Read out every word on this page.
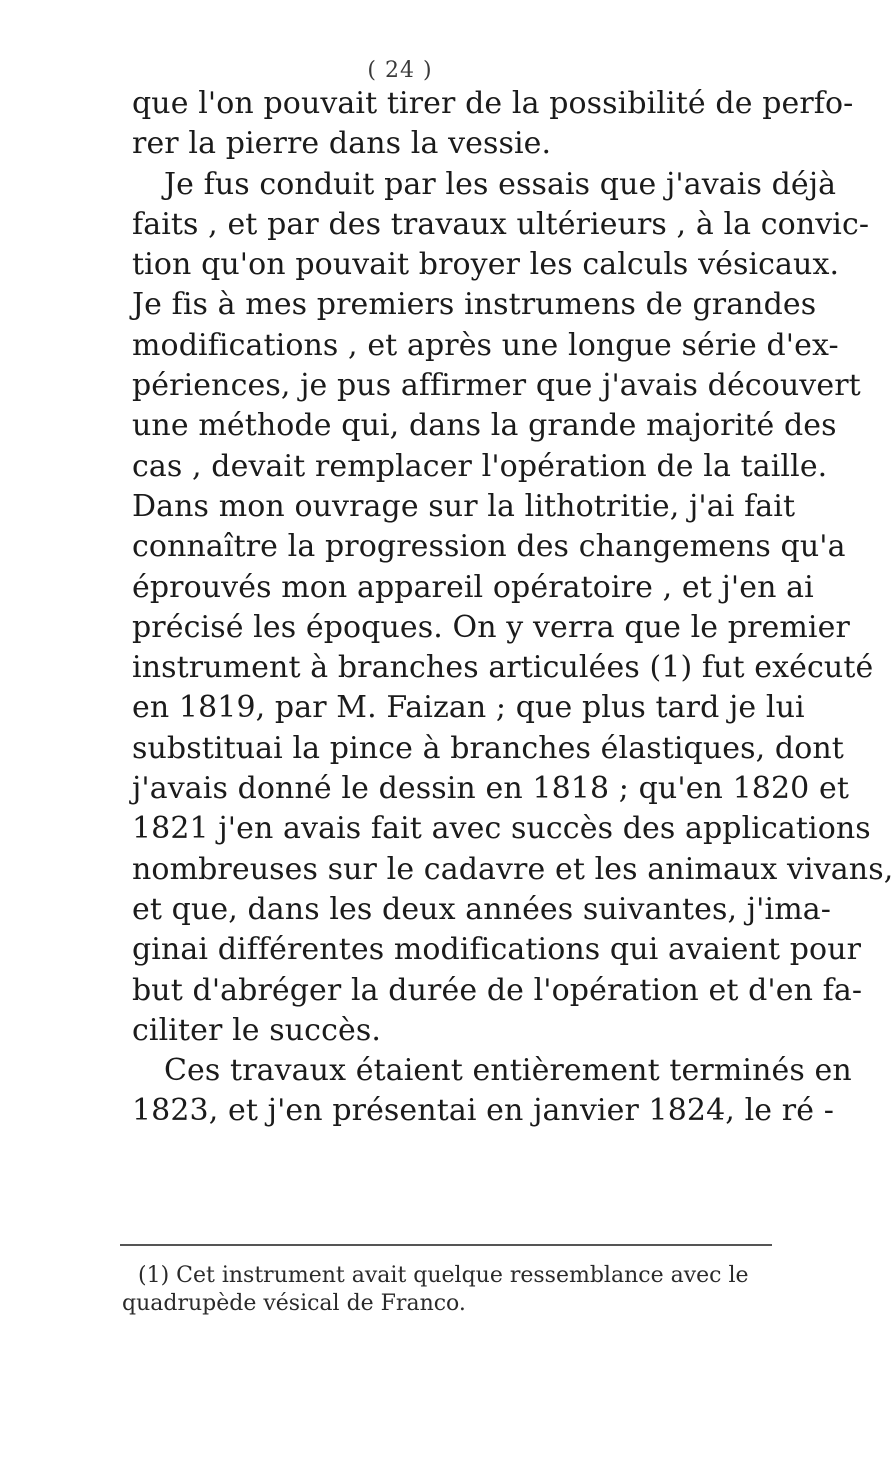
( 24 )
que l'on pouvait tirer de la possibilité de perfo-
rer la pierre dans la vessie.
Je fus conduit par les essais que j'avais déjà
faits , et par des travaux ultérieurs , à la convic-
tion qu'on pouvait broyer les calculs vésicaux.
Je fis à mes premiers instrumens de grandes
modifications , et après une longue série d'ex-
périences, je pus affirmer que j'avais découvert
une méthode qui, dans la grande majorité des
cas , devait remplacer l'opération de la taille.
Dans mon ouvrage sur la lithotritie, j'ai fait
connaître la progression des changemens qu'a
éprouvés mon appareil opératoire , et j'en ai
précisé les époques. On y verra que le premier
instrument à branches articulées (1) fut exécuté
en 1819, par M. Faizan ; que plus tard je lui
substituai la pince à branches élastiques, dont
j'avais donné le dessin en 1818 ; qu'en 1820 et
1821 j'en avais fait avec succès des applications
nombreuses sur le cadavre et les animaux vivans,
et que, dans les deux années suivantes, j'ima-
ginai différentes modifications qui avaient pour
but d'abréger la durée de l'opération et d'en fa-
ciliter le succès.
Ces travaux étaient entièrement terminés en
1823, et j'en présentai en janvier 1824, le ré -
(1) Cet instrument avait quelque ressemblance avec le
quadrupède vésical de Franco.
